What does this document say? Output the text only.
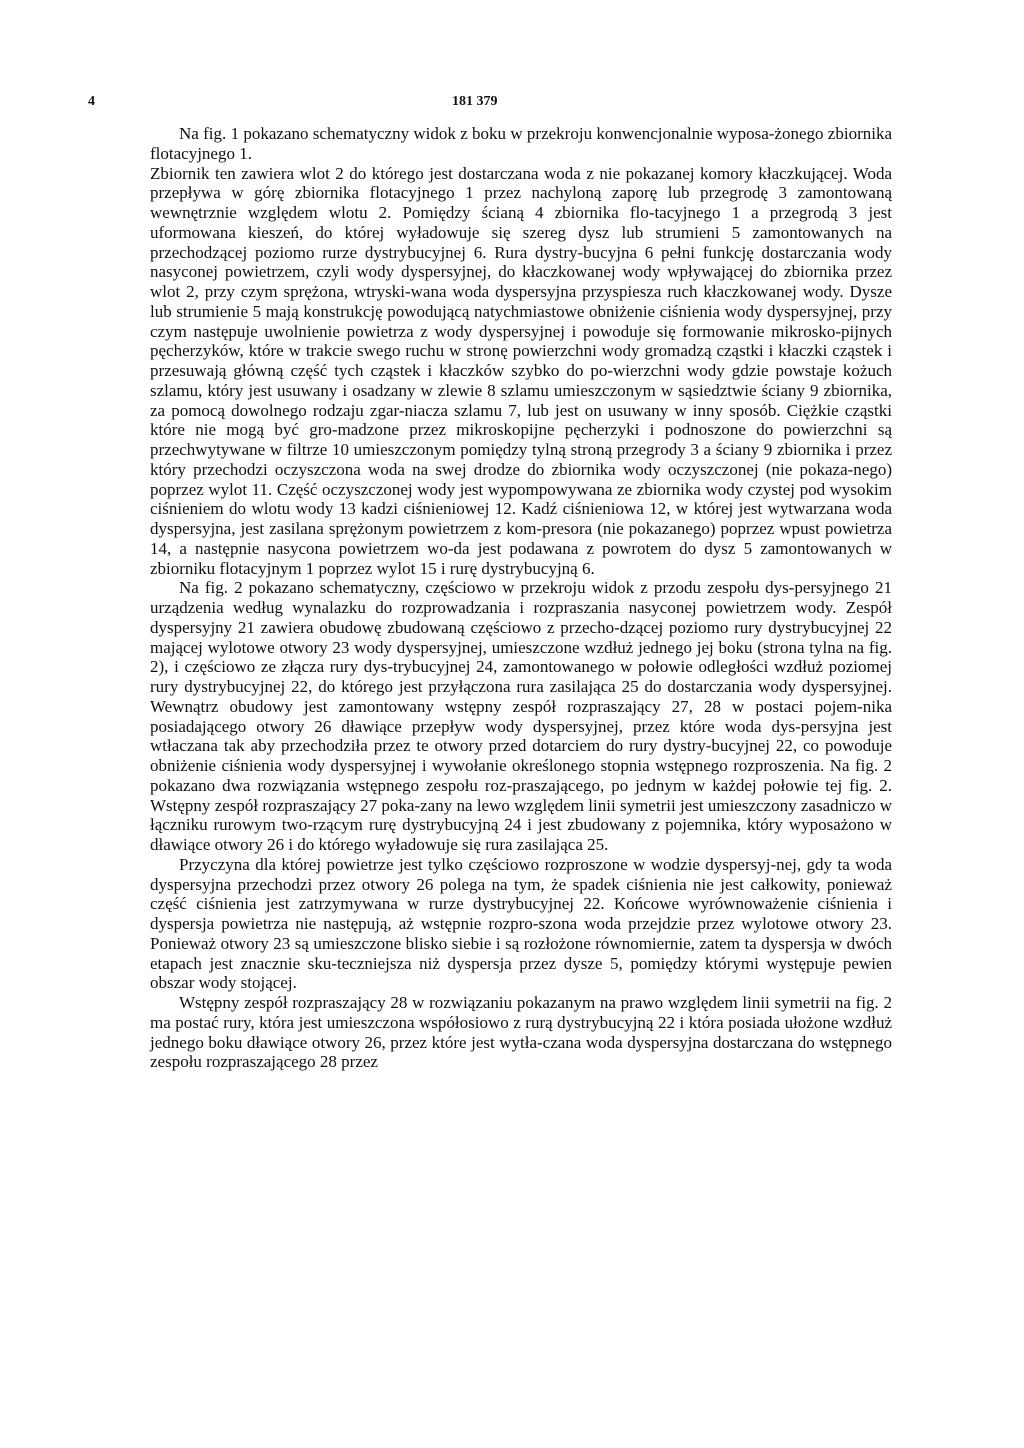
4	181 379

Na fig. 1 pokazano schematyczny widok z boku w przekroju konwencjonalnie wyposa-żonego zbiornika flotacyjnego 1.

Zbiornik ten zawiera wlot 2 do którego jest dostarczana woda z nie pokazanej komory kłaczkującej. Woda przepływa w górę zbiornika flotacyjnego 1 przez nachyloną zaporę lub przegrodę 3 zamontowaną wewnętrznie względem wlotu 2. Pomiędzy ścianą 4 zbiornika flo-tacyjnego 1 a przegrodą 3 jest uformowana kieszeń, do której wyładowuje się szereg dysz lub strumieni 5 zamontowanych na przechodzącej poziomo rurze dystrybucyjnej 6. Rura dystry-bucyjna 6 pełni funkcję dostarczania wody nasyconej powietrzem, czyli wody dyspersyjnej, do kłaczkowanej wody wpływającej do zbiornika przez wlot 2, przy czym sprężona, wtryski-wana woda dyspersyjna przyspiesza ruch kłaczkowanej wody. Dysze lub strumienie 5 mają konstrukcję powodującą natychmiastowe obniżenie ciśnienia wody dyspersyjnej, przy czym następuje uwolnienie powietrza z wody dyspersyjnej i powoduje się formowanie mikrosko-pijnych pęcherzyków, które w trakcie swego ruchu w stronę powierzchni wody gromadzą cząstki i kłaczki cząstek i przesuwają główną część tych cząstek i kłaczków szybko do po-wierzchni wody gdzie powstaje kożuch szlamu, który jest usuwany i osadzany w zlewie 8 szlamu umieszczonym w sąsiedztwie ściany 9 zbiornika, za pomocą dowolnego rodzaju zgar-niacza szlamu 7, lub jest on usuwany w inny sposób. Ciężkie cząstki które nie mogą być gro-madzone przez mikroskopijne pęcherzyki i podnoszone do powierzchni są przechwytywane w filtrze 10 umieszczonym pomiędzy tylną stroną przegrody 3 a ściany 9 zbiornika i przez który przechodzi oczyszczona woda na swej drodze do zbiornika wody oczyszczonej (nie pokaza-nego) poprzez wylot 11. Część oczyszczonej wody jest wypompowywana ze zbiornika wody czystej pod wysokim ciśnieniem do wlotu wody 13 kadzi ciśnieniowej 12. Kadź ciśnieniowa 12, w której jest wytwarzana woda dyspersyjna, jest zasilana sprężonym powietrzem z kom-presora (nie pokazanego) poprzez wpust powietrza 14, a następnie nasycona powietrzem wo-da jest podawana z powrotem do dysz 5 zamontowanych w zbiorniku flotacyjnym 1 poprzez wylot 15 i rurę dystrybucyjną 6.

Na fig. 2 pokazano schematyczny, częściowo w przekroju widok z przodu zespołu dys-persyjnego 21 urządzenia według wynalazku do rozprowadzania i rozpraszania nasyconej powietrzem wody. Zespół dyspersyjny 21 zawiera obudowę zbudowaną częściowo z przecho-dzącej poziomo rury dystrybucyjnej 22 mającej wylotowe otwory 23 wody dyspersyjnej, umieszczone wzdłuż jednego jej boku (strona tylna na fig. 2), i częściowo ze złącza rury dys-trybucyjnej 24, zamontowanego w połowie odległości wzdłuż poziomej rury dystrybucyjnej 22, do którego jest przyłączona rura zasilająca 25 do dostarczania wody dyspersyjnej. Wewnątrz obudowy jest zamontowany wstępny zespół rozpraszający 27, 28 w postaci pojem-nika posiadającego otwory 26 dławiące przepływ wody dyspersyjnej, przez które woda dys-persyjna jest wtłaczana tak aby przechodziła przez te otwory przed dotarciem do rury dystry-bucyjnej 22, co powoduje obniżenie ciśnienia wody dyspersyjnej i wywołanie określonego stopnia wstępnego rozproszenia. Na fig. 2 pokazano dwa rozwiązania wstępnego zespołu roz-praszającego, po jednym w każdej połowie tej fig. 2. Wstępny zespół rozpraszający 27 poka-zany na lewo względem linii symetrii jest umieszczony zasadniczo w łączniku rurowym two-rzącym rurę dystrybucyjną 24 i jest zbudowany z pojemnika, który wyposażono w dławiące otwory 26 i do którego wyładowuje się rura zasilająca 25.

Przyczyna dla której powietrze jest tylko częściowo rozproszone w wodzie dyspersyj-nej, gdy ta woda dyspersyjna przechodzi przez otwory 26 polega na tym, że spadek ciśnienia nie jest całkowity, ponieważ część ciśnienia jest zatrzymywana w rurze dystrybucyjnej 22. Końcowe wyrównoważenie ciśnienia i dyspersja powietrza nie następują, aż wstępnie rozpro-szona woda przejdzie przez wylotowe otwory 23. Ponieważ otwory 23 są umieszczone blisko siebie i są rozłożone równomiernie, zatem ta dyspersja w dwóch etapach jest znacznie sku-teczniejsza niż dyspersja przez dysze 5, pomiędzy którymi występuje pewien obszar wody stojącej.

Wstępny zespół rozpraszający 28 w rozwiązaniu pokazanym na prawo względem linii symetrii na fig. 2 ma postać rury, która jest umieszczona współosiowo z rurą dystrybucyjną 22 i która posiada ułożone wzdłuż jednego boku dławiące otwory 26, przez które jest wytła-czana woda dyspersyjna dostarczana do wstępnego zespołu rozpraszającego 28 przez
